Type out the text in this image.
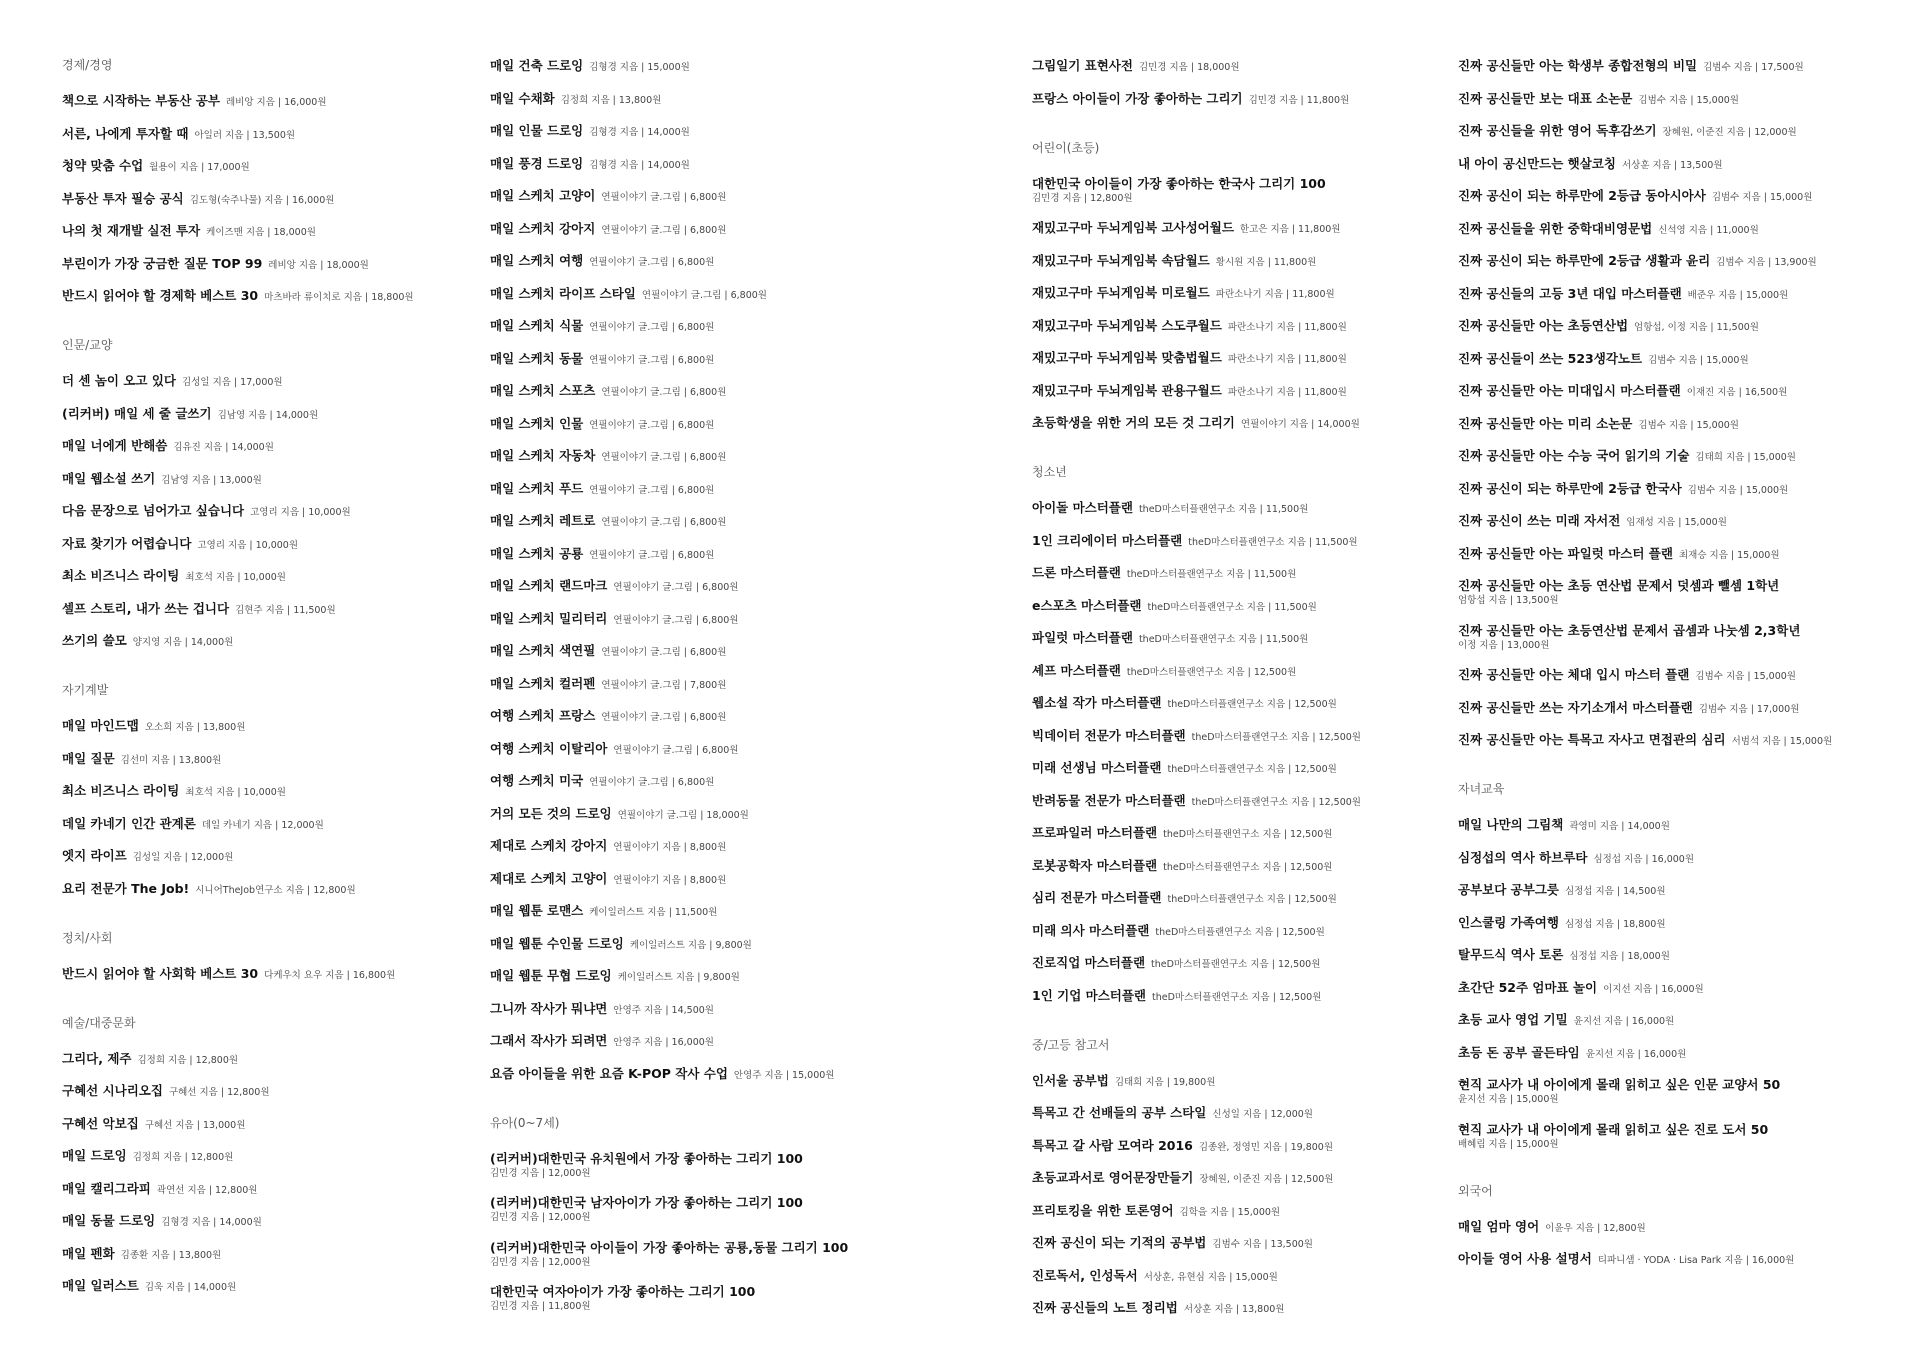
경제/경영
책으로 시작하는 부동산 공부 레비앙 지음 | 16,000원
서른, 나에게 투자할 때 아일러 지음 | 13,500원
청약 맞춤 수업 월용이 지음 | 17,000원
부동산 투자 필승 공식 김도형(숙주나물) 지음 | 16,000원
나의 첫 재개발 실전 투자 케이즈맨 지음 | 18,000원
부린이가 가장 궁금한 질문 TOP 99 레비앙 지음 | 18,000원
반드시 읽어야 할 경제학 베스트 30 마츠바라 류이치로 지음 | 18,800원
인문/교양
더 센 놈이 오고 있다 김성일 지음 | 17,000원
(리커버) 매일 세 줄 글쓰기 김남영 지음 | 14,000원
매일 너에게 반해씀 김유진 지음 | 14,000원
매일 웹소설 쓰기 김남영 지음 | 13,000원
다음 문장으로 넘어가고 싶습니다 고영리 지음 | 10,000원
자료 찾기가 어렵습니다 고영리 지음 | 10,000원
최소 비즈니스 라이팅 최호석 지음 | 10,000원
셀프 스토리, 내가 쓰는 겁니다 김현주 지음 | 11,500원
쓰기의 쓸모 양지영 지음 | 14,000원
자기계발
매일 마인드맵 오소희 지음 | 13,800원
매일 질문 김선미 지음 | 13,800원
최소 비즈니스 라이팅 최호석 지음 | 10,000원
데일 카네기 인간 관계론 데일 카네기 지음 | 12,000원
엣지 라이프 김성일 지음 | 12,000원
요리 전문가 The Job! 시니어TheJob연구소 지음 | 12,800원
정치/사회
반드시 읽어야 할 사회학 베스트 30 다케우치 요우 지음 | 16,800원
예술/대중문화
그리다, 제주 김정희 지음 | 12,800원
구혜선 시나리오집 구혜선 지음 | 12,800원
구혜선 악보집 구혜선 지음 | 13,000원
매일 드로잉 김정희 지음 | 12,800원
매일 캘리그라피 곽연선 지음 | 12,800원
매일 동물 드로잉 김형경 지음 | 14,000원
매일 펜화 김종환 지음 | 13,800원
매일 일러스트 김욱 지음 | 14,000원
매일 건축 드로잉 김형경 지음 | 15,000원
매일 수채화 김정희 지음 | 13,800원
매일 인물 드로잉 김형경 지음 | 14,000원
매일 풍경 드로잉 김형경 지음 | 14,000원
매일 스케치 고양이 연필이야기 글.그림 | 6,800원
매일 스케치 강아지 연필이야기 글.그림 | 6,800원
매일 스케치 여행 연필이야기 글.그림 | 6,800원
매일 스케치 라이프 스타일 연필이야기 글.그림 | 6,800원
매일 스케치 식물 연필이야기 글.그림 | 6,800원
매일 스케치 동물 연필이야기 글.그림 | 6,800원
매일 스케치 스포츠 연필이야기 글.그림 | 6,800원
매일 스케치 인물 연필이야기 글.그림 | 6,800원
매일 스케치 자동차 연필이야기 글.그림 | 6,800원
매일 스케치 푸드 연필이야기 글.그림 | 6,800원
매일 스케치 레트로 연필이야기 글.그림 | 6,800원
매일 스케치 공룡 연필이야기 글.그림 | 6,800원
매일 스케치 랜드마크 연필이야기 글.그림 | 6,800원
매일 스케치 밀리터리 연필이야기 글.그림 | 6,800원
매일 스케치 색연필 연필이야기 글.그림 | 6,800원
매일 스케치 컬러펜 연필이야기 글.그림 | 7,800원
여행 스케치 프랑스 연필이야기 글.그림 | 6,800원
여행 스케치 이탈리아 연필이야기 글.그림 | 6,800원
여행 스케치 미국 연필이야기 글.그림 | 6,800원
거의 모든 것의 드로잉 연필이야기 글.그림 | 18,000원
제대로 스케치 강아지 연필이야기 지음 | 8,800원
제대로 스케치 고양이 연필이야기 지음 | 8,800원
매일 웹툰 로맨스 케이일러스트 지음 | 11,500원
매일 웹툰 수인물 드로잉 케이일러스트 지음 | 9,800원
매일 웹툰 무협 드로잉 케이일러스트 지음 | 9,800원
그니까 작사가 뭐냐면 안영주 지음 | 14,500원
그래서 작사가 되려면 안영주 지음 | 16,000원
요즘 아이들을 위한 요즘 K-POP 작사 수업 안영주 지음 | 15,000원
유아(0~7세)
(리커버)대한민국 유치원에서 가장 좋아하는 그리기 100
김민경 지음 | 12,000원
(리커버)대한민국 남자아이가 가장 좋아하는 그리기 100
김민경 지음 | 12,000원
(리커버)대한민국 아이들이 가장 좋아하는 공룡,동물 그리기 100
김민경 지음 | 12,000원
대한민국 여자아이가 가장 좋아하는 그리기 100
김민경 지음 | 11,800원
그림일기 표현사전 김민경 지음 | 18,000원
프랑스 아이들이 가장 좋아하는 그리기 김민경 지음 | 11,800원
어린이(초등)
대한민국 아이들이 가장 좋아하는 한국사 그리기 100
김민경 지음 | 12,800원
재밌고구마 두뇌게임북 고사성어월드 한고은 지음 | 11,800원
재밌고구마 두뇌게임북 속담월드 황시원 지음 | 11,800원
재밌고구마 두뇌게임북 미로월드 파란소나기 지음 | 11,800원
재밌고구마 두뇌게임북 스도쿠월드 파란소나기 지음 | 11,800원
재밌고구마 두뇌게임북 맞춤법월드 파란소나기 지음 | 11,800원
재밌고구마 두뇌게임북 관용구월드 파란소나기 지음 | 11,800원
초등학생을 위한 거의 모든 것 그리기 연필이야기 지음 | 14,000원
청소년
아이돌 마스터플랜 theD마스터플랜연구소 지음 | 11,500원
1인 크리에이터 마스터플랜 theD마스터플랜연구소 지음 | 11,500원
드론 마스터플랜 theD마스터플랜연구소 지음 | 11,500원
e스포츠 마스터플랜 theD마스터플랜연구소 지음 | 11,500원
파일럿 마스터플랜 theD마스터플랜연구소 지음 | 11,500원
셰프 마스터플랜 theD마스터플랜연구소 지음 | 12,500원
웹소설 작가 마스터플랜 theD마스터플랜연구소 지음 | 12,500원
빅데이터 전문가 마스터플랜 theD마스터플랜연구소 지음 | 12,500원
미래 선생님 마스터플랜 theD마스터플랜연구소 지음 | 12,500원
반려동물 전문가 마스터플랜 theD마스터플랜연구소 지음 | 12,500원
프로파일러 마스터플랜 theD마스터플랜연구소 지음 | 12,500원
로봇공학자 마스터플랜 theD마스터플랜연구소 지음 | 12,500원
심리 전문가 마스터플랜 theD마스터플랜연구소 지음 | 12,500원
미래 의사 마스터플랜 theD마스터플랜연구소 지음 | 12,500원
진로직업 마스터플랜 theD마스터플랜연구소 지음 | 12,500원
1인 기업 마스터플랜 theD마스터플랜연구소 지음 | 12,500원
중/고등 참고서
인서울 공부법 김태희 지음 | 19,800원
특목고 간 선배들의 공부 스타일 신성일 지음 | 12,000원
특목고 갈 사람 모여라 2016 김종완, 정영민 지음 | 19,800원
초등교과서로 영어문장만들기 장혜원, 이준진 지음 | 12,500원
프리토킹을 위한 토론영어 김학을 지음 | 15,000원
진짜 공신이 되는 기적의 공부법 김범수 지음 | 13,500원
진로독서, 인성독서 서상훈, 유현심 지음 | 15,000원
진짜 공신들의 노트 정리법 서상훈 지음 | 13,800원
진짜 공신들만 아는 학생부 종합전형의 비밀 김범수 지음 | 17,500원
진짜 공신들만 보는 대표 소논문 김범수 지음 | 15,000원
진짜 공신들을 위한 영어 독후감쓰기 장혜원, 이준진 지음 | 12,000원
내 아이 공신만드는 햇살코칭 서상훈 지음 | 13,500원
진짜 공신이 되는 하루만에 2등급 동아시아사 김범수 지음 | 15,000원
진짜 공신들을 위한 중학대비영문법 신석영 지음 | 11,000원
진짜 공신이 되는 하루만에 2등급 생활과 윤리 김범수 지음 | 13,900원
진짜 공신들의 고등 3년 대입 마스터플랜 배준우 지음 | 15,000원
진짜 공신들만 아는 초등연산법 엄항섭, 이정 지음 | 11,500원
진짜 공신들이 쓰는 523생각노트 김범수 지음 | 15,000원
진짜 공신들만 아는 미대입시 마스터플랜 이재진 지음 | 16,500원
진짜 공신들만 아는 미리 소논문 김범수 지음 | 15,000원
진짜 공신들만 아는 수능 국어 읽기의 기술 김태희 지음 | 15,000원
진짜 공신이 되는 하루만에 2등급 한국사 김범수 지음 | 15,000원
진짜 공신이 쓰는 미래 자서전 임재성 지음 | 15,000원
진짜 공신들만 아는 파일럿 마스터 플랜 최재승 지음 | 15,000원
진짜 공신들만 아는 초등 연산법 문제서 덧셈과 뺄셈 1학년
엄항섭 지음 | 13,500원
진짜 공신들만 아는 초등연산법 문제서 곱셈과 나눗셈 2,3학년
이정 지음 | 13,000원
진짜 공신들만 아는 체대 입시 마스터 플랜 김범수 지음 | 15,000원
진짜 공신들만 쓰는 자기소개서 마스터플랜 김범수 지음 | 17,000원
진짜 공신들만 아는 특목고 자사고 면접관의 심리 서범석 지음 | 15,000원
자녀교육
매일 나만의 그림책 곽영미 지음 | 14,000원
심정섭의 역사 하브루타 심정섭 지음 | 16,000원
공부보다 공부그릇 심정섭 지음 | 14,500원
인스쿨링 가족여행 심정섭 지음 | 18,800원
탈무드식 역사 토론 심정섭 지음 | 18,000원
초간단 52주 엄마표 놀이 이지선 지음 | 16,000원
초등 교사 영업 기밀 윤지선 지음 | 16,000원
초등 돈 공부 골든타임 윤지선 지음 | 16,000원
현직 교사가 내 아이에게 몰래 읽히고 싶은 인문 교양서 50
윤지선 지음 | 15,000원
현직 교사가 내 아이에게 몰래 읽히고 싶은 진로 도서 50
배혜림 지음 | 15,000원
외국어
매일 엄마 영어 이윤우 지음 | 12,800원
아이들 영어 사용 설명서 티파니샘 · YODA · Lisa Park 지음 | 16,000원
